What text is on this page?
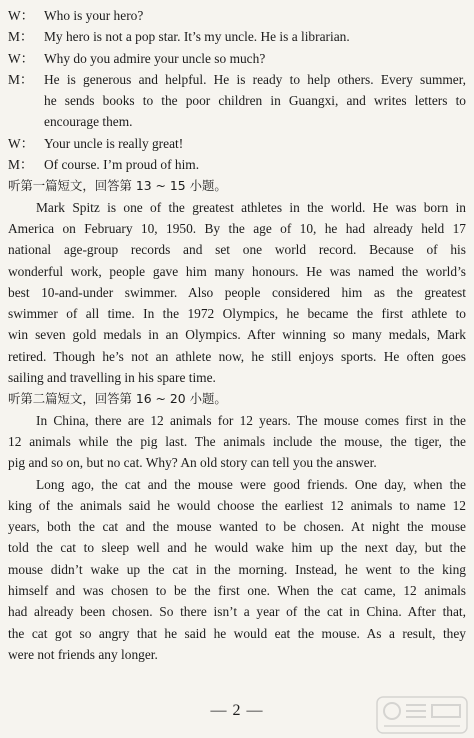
W： Who is your hero?
M： My hero is not a pop star. It’s my uncle. He is a librarian.
W： Why do you admire your uncle so much?
M： He is generous and helpful. He is ready to help others. Every summer,
he sends books to the poor children in Guangxi, and writes letters to
encourage them.
W： Your uncle is really great!
M： Of course. I’m proud of him.
听第一篇短文，回答第 13 ~ 15 小题。
Mark Spitz is one of the greatest athletes in the world. He was born in
America on February 10, 1950. By the age of 10, he had already held 17
national age-group records and set one world record. Because of his
wonderful work, people gave him many honours. He was named the world’s
best 10-and-under swimmer. Also people considered him as the greatest
swimmer of all time. In the 1972 Olympics, he became the first athlete to
win seven gold medals in an Olympics. After winning so many medals, Mark
retired. Though he’s not an athlete now, he still enjoys sports. He often goes
sailing and travelling in his spare time.
听第二篇短文，回答第 16 ~ 20 小题。
In China, there are 12 animals for 12 years. The mouse comes first in the
12 animals while the pig last. The animals include the mouse, the tiger, the
pig and so on, but no cat. Why? An old story can tell you the answer.
Long ago, the cat and the mouse were good friends. One day, when the
king of the animals said he would choose the earliest 12 animals to name 12
years, both the cat and the mouse wanted to be chosen. At night the mouse
told the cat to sleep well and he would wake him up the next day, but the
mouse didn’t wake up the cat in the morning. Instead, he went to the king
himself and was chosen to be the first one. When the cat came, 12 animals
had already been chosen. So there isn’t a year of the cat in China. After that,
the cat got so angry that he said he would eat the mouse. As a result, they
were not friends any longer.
— 2 —
